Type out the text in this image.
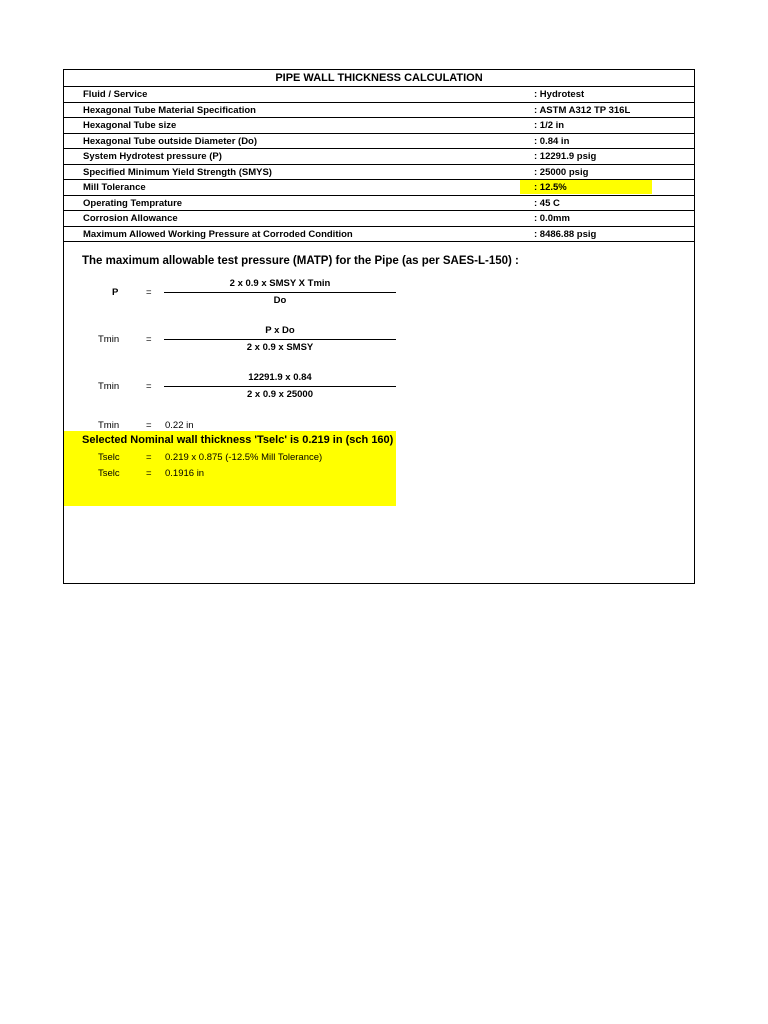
PIPE WALL THICKNESS CALCULATION
Fluid / Service	: Hydrotest
Hexagonal Tube Material Specification	: ASTM A312 TP 316L
Hexagonal Tube size	: 1/2 in
Hexagonal Tube outside Diameter (Do)	: 0.84 in
System Hydrotest pressure (P)	: 12291.9 psig
Specified Minimum Yield Strength (SMYS)	: 25000 psig
Mill Tolerance	: 12.5%
Operating Temprature	: 45 C
Corrosion Allowance	: 0.0mm
Maximum Allowed Working Pressure at Corroded Condition	: 8486.88 psig
The maximum allowable test pressure (MATP) for the Pipe (as per SAES-L-150) :
P	=
2 x 0.9 x SMSY X Tmin
Do
Tmin	=
P x Do
2 x 0.9 x SMSY
Tmin	=
12291.9 x 0.84
2 x 0.9 x 25000
Tmin	= 0.22 in
Selected Nominal wall thickness 'Tselc' is 0.219 in (sch 160)
Tselc	= 0.219 x 0.875 (-12.5% Mill Tolerance)
Tselc	= 0.1916 in
